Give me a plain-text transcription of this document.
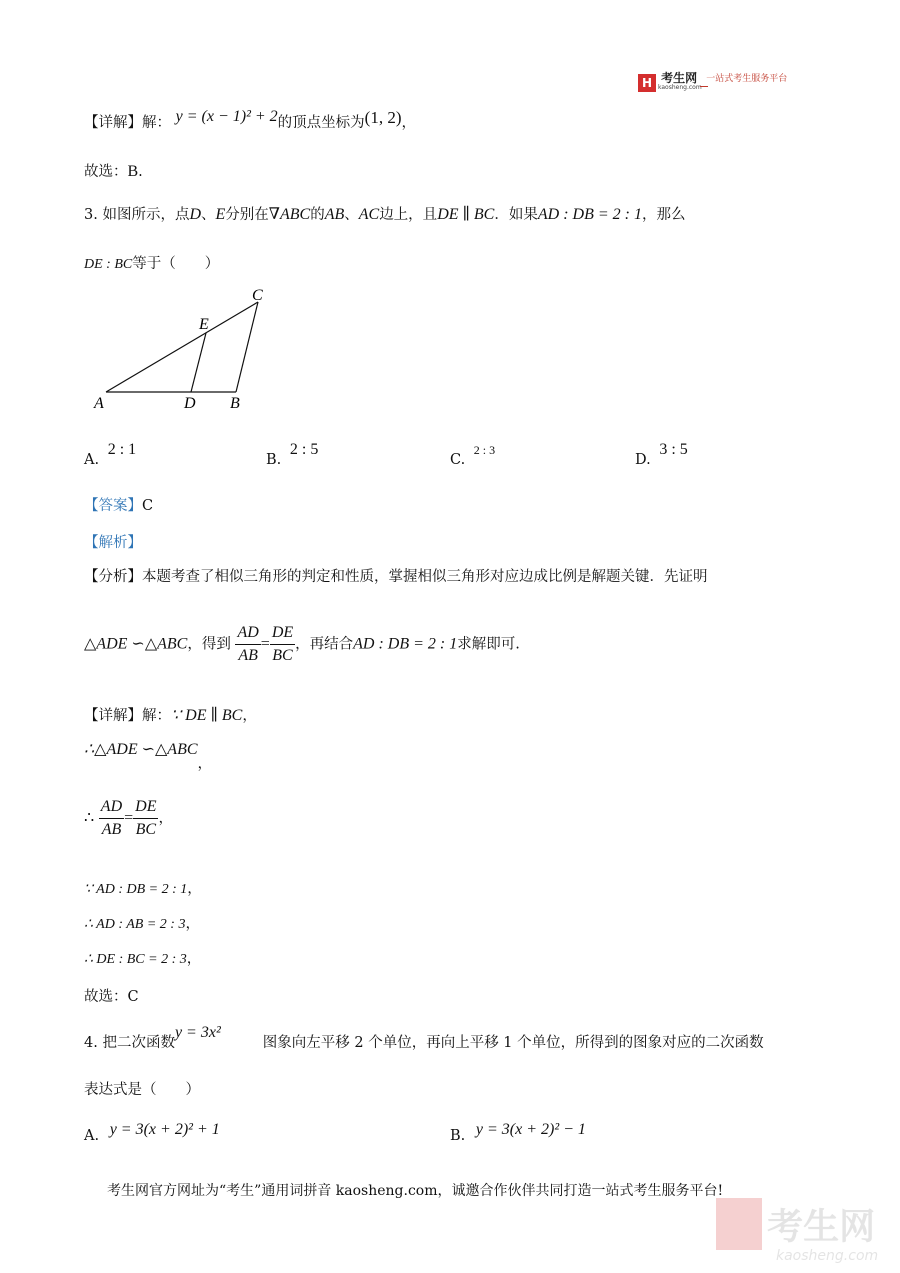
H $^{考生网}$
kaosheng.com
$^{一站式考生服务平台}$
【详解】解： y = (x − 1)² + 2的顶点坐标为(1, 2)，
故选：B.
3. 如图所示，点D、E分别在∇ABC的AB、AC边上，且DE ∥ BC．如果AD : DB = 2 : 1，那么
DE : BC等于（　　）
A	D B
E
C
A. 2 : 1
B. 2 : 5
C. $^{2 : 3}$
D. 3 : 5
【答案】C
【解析】
【分析】本题考查了相似三角形的判定和性质，掌握相似三角形对应边成比例是解题关键．先证明
△ADE ∽△ABC，得到 $\frac{AD}{AB} = \frac{DE}{BC}$ ，再结合AD : DB = 2 : 1求解即可.
【详解】解：∵ DE ∥ BC，
∴△ADE ∽△ABC，
∴ $\frac{AD}{AB} = \frac{DE}{BC}$ ，
∵ AD : DB = 2 : 1，
∴ AD : AB = 2 : 3，
∴ DE : BC = 2 : 3，
故选：C
4. 把二次函数y = 3x²图象向左平移 2 个单位，再向上平移 1 个单位，所得到的图象对应的二次函数
表达式是（　　）
A. y = 3(x + 2)² + 1	B. y = 3(x + 2)² − 1
考生网官方网址为“考生”通用词拼音 kaosheng.com，诚邀合作伙伴共同打造一站式考生服务平台!
考生网
kaosheng.com
